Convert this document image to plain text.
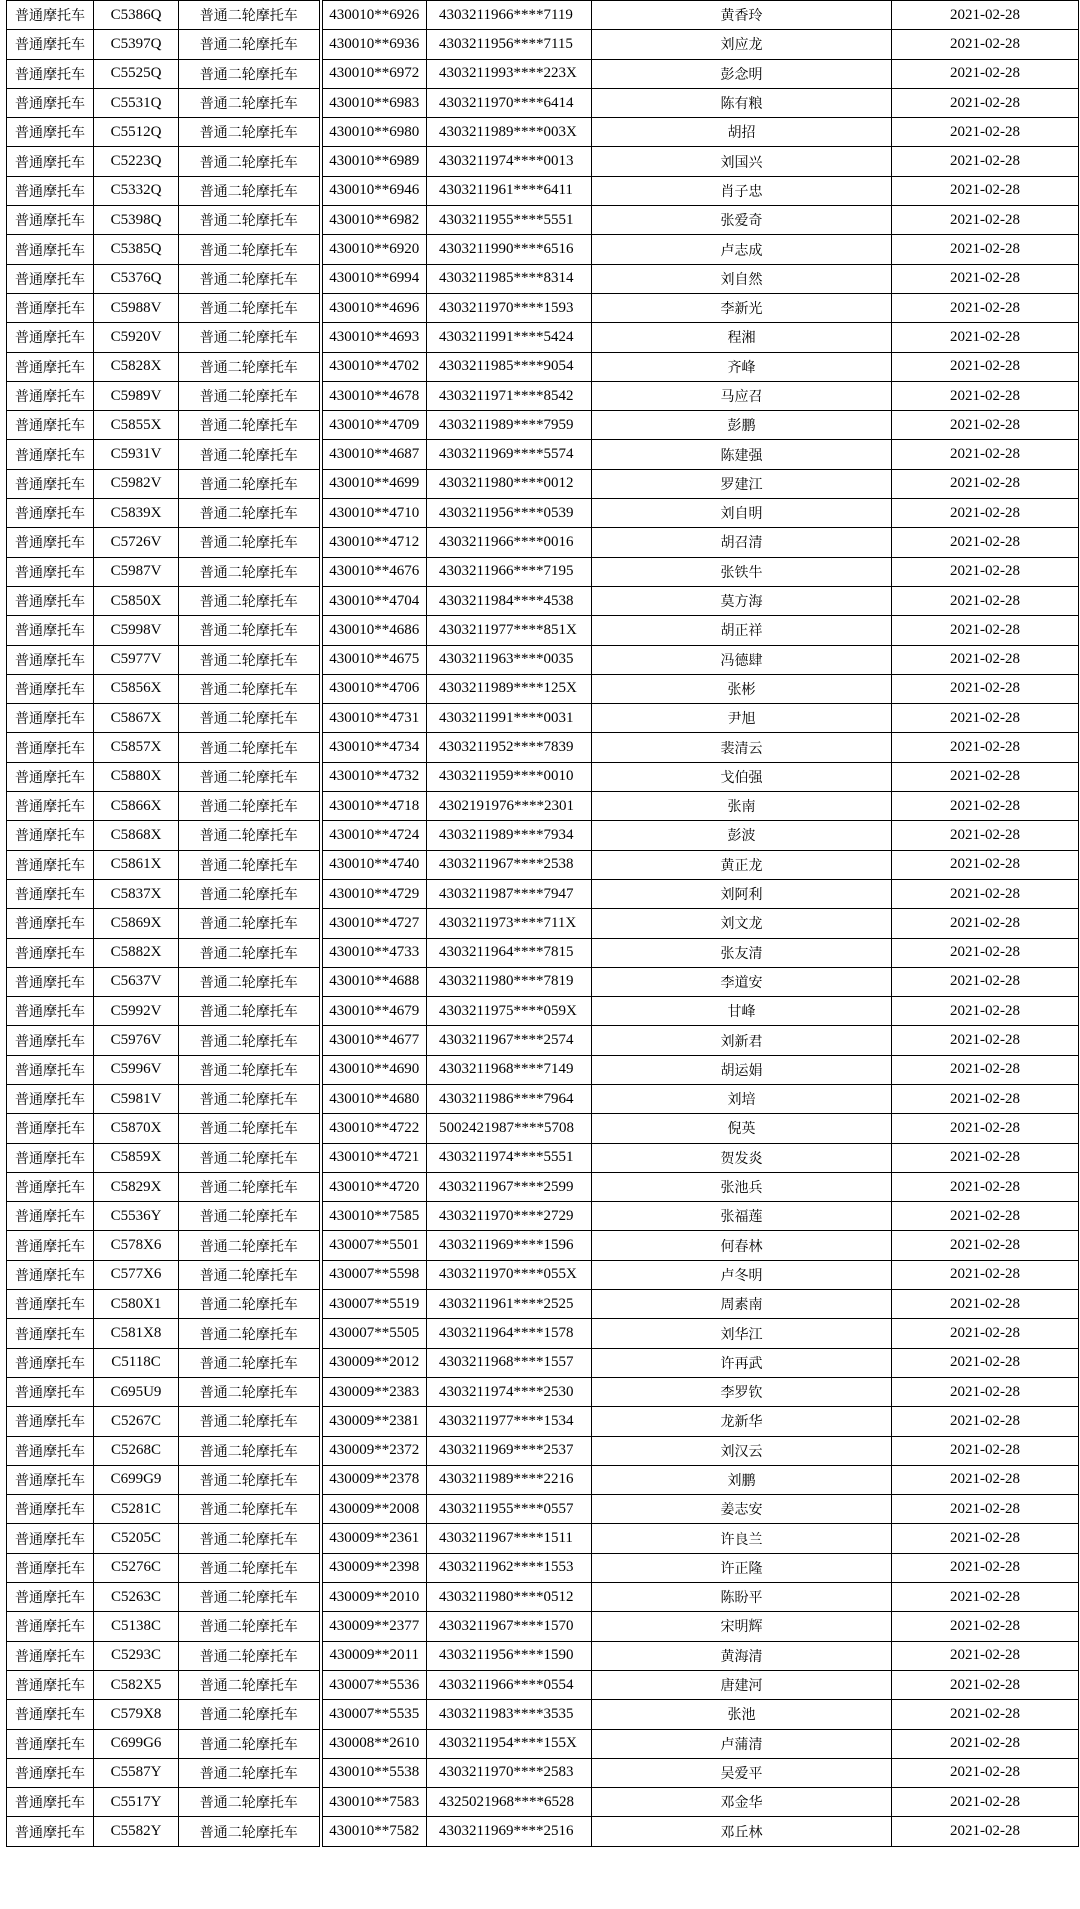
普通摩托车	C5386Q	普通二轮摩托车	430010**6926	4303211966****7119	黄香玲	2021-02-28
普通摩托车	C5397Q	普通二轮摩托车	430010**6936	4303211956****7115	刘应龙	2021-02-28
普通摩托车	C5525Q	普通二轮摩托车	430010**6972	4303211993****223X	彭念明	2021-02-28
普通摩托车	C5531Q	普通二轮摩托车	430010**6983	4303211970****6414	陈有粮	2021-02-28
普通摩托车	C5512Q	普通二轮摩托车	430010**6980	4303211989****003X	胡招	2021-02-28
普通摩托车	C5223Q	普通二轮摩托车	430010**6989	4303211974****0013	刘国兴	2021-02-28
普通摩托车	C5332Q	普通二轮摩托车	430010**6946	4303211961****6411	肖子忠	2021-02-28
普通摩托车	C5398Q	普通二轮摩托车	430010**6982	4303211955****5551	张爱奇	2021-02-28
普通摩托车	C5385Q	普通二轮摩托车	430010**6920	4303211990****6516	卢志成	2021-02-28
普通摩托车	C5376Q	普通二轮摩托车	430010**6994	4303211985****8314	刘自然	2021-02-28
普通摩托车	C5988V	普通二轮摩托车	430010**4696	4303211970****1593	李新光	2021-02-28
普通摩托车	C5920V	普通二轮摩托车	430010**4693	4303211991****5424	程湘	2021-02-28
普通摩托车	C5828X	普通二轮摩托车	430010**4702	4303211985****9054	齐峰	2021-02-28
普通摩托车	C5989V	普通二轮摩托车	430010**4678	4303211971****8542	马应召	2021-02-28
普通摩托车	C5855X	普通二轮摩托车	430010**4709	4303211989****7959	彭鹏	2021-02-28
普通摩托车	C5931V	普通二轮摩托车	430010**4687	4303211969****5574	陈建强	2021-02-28
普通摩托车	C5982V	普通二轮摩托车	430010**4699	4303211980****0012	罗建江	2021-02-28
普通摩托车	C5839X	普通二轮摩托车	430010**4710	4303211956****0539	刘自明	2021-02-28
普通摩托车	C5726V	普通二轮摩托车	430010**4712	4303211966****0016	胡召清	2021-02-28
普通摩托车	C5987V	普通二轮摩托车	430010**4676	4303211966****7195	张铁牛	2021-02-28
普通摩托车	C5850X	普通二轮摩托车	430010**4704	4303211984****4538	莫方海	2021-02-28
普通摩托车	C5998V	普通二轮摩托车	430010**4686	4303211977****851X	胡正祥	2021-02-28
普通摩托车	C5977V	普通二轮摩托车	430010**4675	4303211963****0035	冯德肆	2021-02-28
普通摩托车	C5856X	普通二轮摩托车	430010**4706	4303211989****125X	张彬	2021-02-28
普通摩托车	C5867X	普通二轮摩托车	430010**4731	4303211991****0031	尹旭	2021-02-28
普通摩托车	C5857X	普通二轮摩托车	430010**4734	4303211952****7839	裴清云	2021-02-28
普通摩托车	C5880X	普通二轮摩托车	430010**4732	4303211959****0010	戈伯强	2021-02-28
普通摩托车	C5866X	普通二轮摩托车	430010**4718	4302191976****2301	张南	2021-02-28
普通摩托车	C5868X	普通二轮摩托车	430010**4724	4303211989****7934	彭波	2021-02-28
普通摩托车	C5861X	普通二轮摩托车	430010**4740	4303211967****2538	黄正龙	2021-02-28
普通摩托车	C5837X	普通二轮摩托车	430010**4729	4303211987****7947	刘阿利	2021-02-28
普通摩托车	C5869X	普通二轮摩托车	430010**4727	4303211973****711X	刘文龙	2021-02-28
普通摩托车	C5882X	普通二轮摩托车	430010**4733	4303211964****7815	张友清	2021-02-28
普通摩托车	C5637V	普通二轮摩托车	430010**4688	4303211980****7819	李道安	2021-02-28
普通摩托车	C5992V	普通二轮摩托车	430010**4679	4303211975****059X	甘峰	2021-02-28
普通摩托车	C5976V	普通二轮摩托车	430010**4677	4303211967****2574	刘新君	2021-02-28
普通摩托车	C5996V	普通二轮摩托车	430010**4690	4303211968****7149	胡运娟	2021-02-28
普通摩托车	C5981V	普通二轮摩托车	430010**4680	4303211986****7964	刘培	2021-02-28
普通摩托车	C5870X	普通二轮摩托车	430010**4722	5002421987****5708	倪英	2021-02-28
普通摩托车	C5859X	普通二轮摩托车	430010**4721	4303211974****5551	贺发炎	2021-02-28
普通摩托车	C5829X	普通二轮摩托车	430010**4720	4303211967****2599	张池兵	2021-02-28
普通摩托车	C5536Y	普通二轮摩托车	430010**7585	4303211970****2729	张福莲	2021-02-28
普通摩托车	C578X6	普通二轮摩托车	430007**5501	4303211969****1596	何春林	2021-02-28
普通摩托车	C577X6	普通二轮摩托车	430007**5598	4303211970****055X	卢冬明	2021-02-28
普通摩托车	C580X1	普通二轮摩托车	430007**5519	4303211961****2525	周素南	2021-02-28
普通摩托车	C581X8	普通二轮摩托车	430007**5505	4303211964****1578	刘华江	2021-02-28
普通摩托车	C5118C	普通二轮摩托车	430009**2012	4303211968****1557	许再武	2021-02-28
普通摩托车	C695U9	普通二轮摩托车	430009**2383	4303211974****2530	李罗钦	2021-02-28
普通摩托车	C5267C	普通二轮摩托车	430009**2381	4303211977****1534	龙新华	2021-02-28
普通摩托车	C5268C	普通二轮摩托车	430009**2372	4303211969****2537	刘汉云	2021-02-28
普通摩托车	C699G9	普通二轮摩托车	430009**2378	4303211989****2216	刘鹏	2021-02-28
普通摩托车	C5281C	普通二轮摩托车	430009**2008	4303211955****0557	姜志安	2021-02-28
普通摩托车	C5205C	普通二轮摩托车	430009**2361	4303211967****1511	许良兰	2021-02-28
普通摩托车	C5276C	普通二轮摩托车	430009**2398	4303211962****1553	许正隆	2021-02-28
普通摩托车	C5263C	普通二轮摩托车	430009**2010	4303211980****0512	陈盼平	2021-02-28
普通摩托车	C5138C	普通二轮摩托车	430009**2377	4303211967****1570	宋明辉	2021-02-28
普通摩托车	C5293C	普通二轮摩托车	430009**2011	4303211956****1590	黄海清	2021-02-28
普通摩托车	C582X5	普通二轮摩托车	430007**5536	4303211966****0554	唐建河	2021-02-28
普通摩托车	C579X8	普通二轮摩托车	430007**5535	4303211983****3535	张池	2021-02-28
普通摩托车	C699G6	普通二轮摩托车	430008**2610	4303211954****155X	卢蒲清	2021-02-28
普通摩托车	C5587Y	普通二轮摩托车	430010**5538	4303211970****2583	吴爱平	2021-02-28
普通摩托车	C5517Y	普通二轮摩托车	430010**7583	4325021968****6528	邓金华	2021-02-28
普通摩托车	C5582Y	普通二轮摩托车	430010**7582	4303211969****2516	邓丘林	2021-02-28
